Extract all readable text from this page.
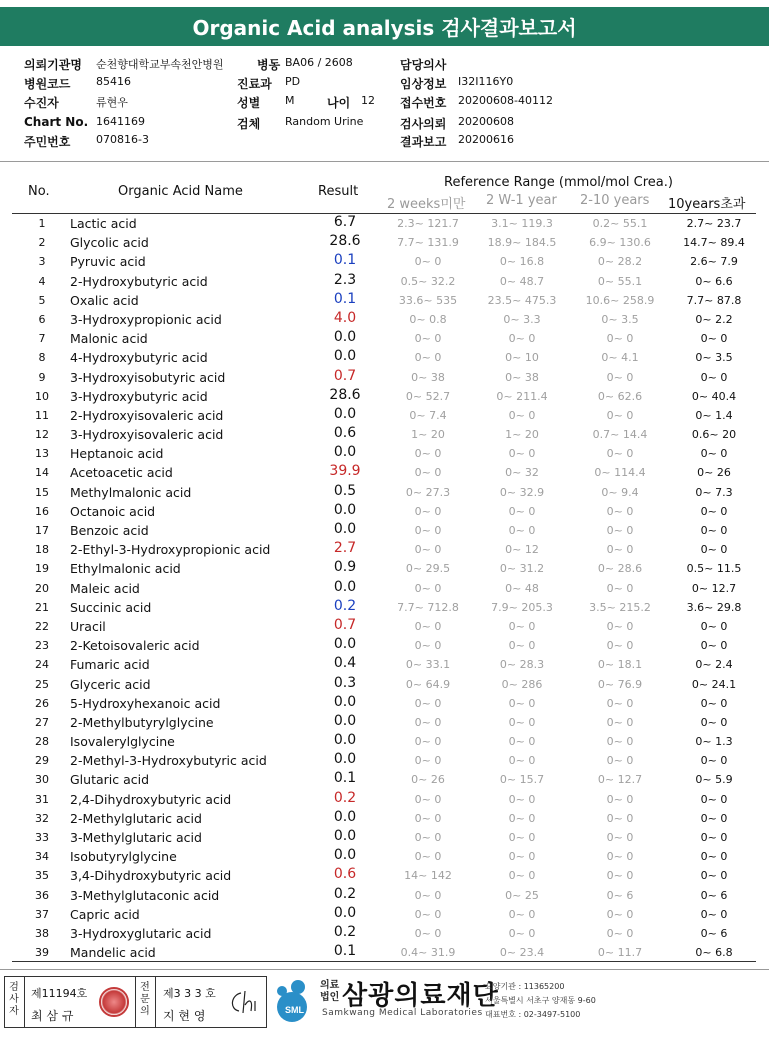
Organic Acid analysis 검사결과보고서
의뢰기관명 순천향대학교부속천안병원	병동 BA06 / 2608	담당의사
병원코드 85416	진료과 PD	임상정보 I32I116Y0
수진자	류현우	성별 M	나이 12 접수번호 20200608-40112
Chart No. 1641169	검체 Random Urine	검사의뢰 20200608
주민번호 070816-3	결과보고 20200616
No.	Organic Acid Name	Result
Reference Range (mmol/mol Crea.)
2 weeks미만 2 W-1 year 2-10 years 10years초과
1	Lactic acid	6.7	2.3~ 121.7	3.1~ 119.3	0.2~ 55.1	2.7~ 23.7
2	Glycolic acid	28.6	7.7~ 131.9	18.9~ 184.5	6.9~ 130.6	14.7~ 89.4
3	Pyruvic acid	0.1	0~ 0	0~ 16.8	0~ 28.2	2.6~ 7.9
4	2-Hydroxybutyric acid	2.3	0.5~ 32.2	0~ 48.7	0~ 55.1	0~ 6.6
5	Oxalic acid	0.1	33.6~ 535	23.5~ 475.3	10.6~ 258.9	7.7~ 87.8
6	3-Hydroxypropionic acid	4.0	0~ 0.8	0~ 3.3	0~ 3.5	0~ 2.2
7	Malonic acid	0.0	0~ 0	0~ 0	0~ 0	0~ 0
8	4-Hydroxybutyric acid	0.0	0~ 0	0~ 10	0~ 4.1	0~ 3.5
9	3-Hydroxyisobutyric acid	0.7	0~ 38	0~ 38	0~ 0	0~ 0
10	3-Hydroxybutyric acid	28.6	0~ 52.7	0~ 211.4	0~ 62.6	0~ 40.4
11	2-Hydroxyisovaleric acid	0.0	0~ 7.4	0~ 0	0~ 0	0~ 1.4
12	3-Hydroxyisovaleric acid	0.6	1~ 20	1~ 20	0.7~ 14.4	0.6~ 20
13	Heptanoic acid	0.0	0~ 0	0~ 0	0~ 0	0~ 0
14	Acetoacetic acid	39.9	0~ 0	0~ 32	0~ 114.4	0~ 26
15	Methylmalonic acid	0.5	0~ 27.3	0~ 32.9	0~ 9.4	0~ 7.3
16	Octanoic acid	0.0	0~ 0	0~ 0	0~ 0	0~ 0
17	Benzoic acid	0.0	0~ 0	0~ 0	0~ 0	0~ 0
18	2-Ethyl-3-Hydroxypropionic acid	2.7	0~ 0	0~ 12	0~ 0	0~ 0
19	Ethylmalonic acid	0.9	0~ 29.5	0~ 31.2	0~ 28.6	0.5~ 11.5
20	Maleic acid	0.0	0~ 0	0~ 48	0~ 0	0~ 12.7
21	Succinic acid	0.2	7.7~ 712.8	7.9~ 205.3	3.5~ 215.2	3.6~ 29.8
22	Uracil	0.7	0~ 0	0~ 0	0~ 0	0~ 0
23	2-Ketoisovaleric acid	0.0	0~ 0	0~ 0	0~ 0	0~ 0
24	Fumaric acid	0.4	0~ 33.1	0~ 28.3	0~ 18.1	0~ 2.4
25	Glyceric acid	0.3	0~ 64.9	0~ 286	0~ 76.9	0~ 24.1
26	5-Hydroxyhexanoic acid	0.0	0~ 0	0~ 0	0~ 0	0~ 0
27	2-Methylbutyrylglycine	0.0	0~ 0	0~ 0	0~ 0	0~ 0
28	Isovalerylglycine	0.0	0~ 0	0~ 0	0~ 0	0~ 1.3
29	2-Methyl-3-Hydroxybutyric acid	0.0	0~ 0	0~ 0	0~ 0	0~ 0
30	Glutaric acid	0.1	0~ 26	0~ 15.7	0~ 12.7	0~ 5.9
31	2,4-Dihydroxybutyric acid	0.2	0~ 0	0~ 0	0~ 0	0~ 0
32	2-Methylglutaric acid	0.0	0~ 0	0~ 0	0~ 0	0~ 0
33	3-Methylglutaric acid	0.0	0~ 0	0~ 0	0~ 0	0~ 0
34	Isobutyrylglycine	0.0	0~ 0	0~ 0	0~ 0	0~ 0
35	3,4-Dihydroxybutyric acid	0.6	14~ 142	0~ 0	0~ 0	0~ 0
36	3-Methylglutaconic acid	0.2	0~ 0	0~ 25	0~ 6	0~ 6
37	Capric acid	0.0	0~ 0	0~ 0	0~ 0	0~ 0
38	3-Hydroxyglutaric acid	0.2	0~ 0	0~ 0	0~ 0	0~ 6
39	Mandelic acid	0.1	0.4~ 31.9	0~ 23.4	0~ 11.7	0~ 6.8
검사자
제11194호
최 삼 규
전문의
제3 3 3 호
지 현 영	SML
의료법인 삼광의료재단
Samkwang Medical Laboratories
요양기관 : 11365200
서울특별시 서초구 양재동 9-60
대표번호 : 02-3497-5100
